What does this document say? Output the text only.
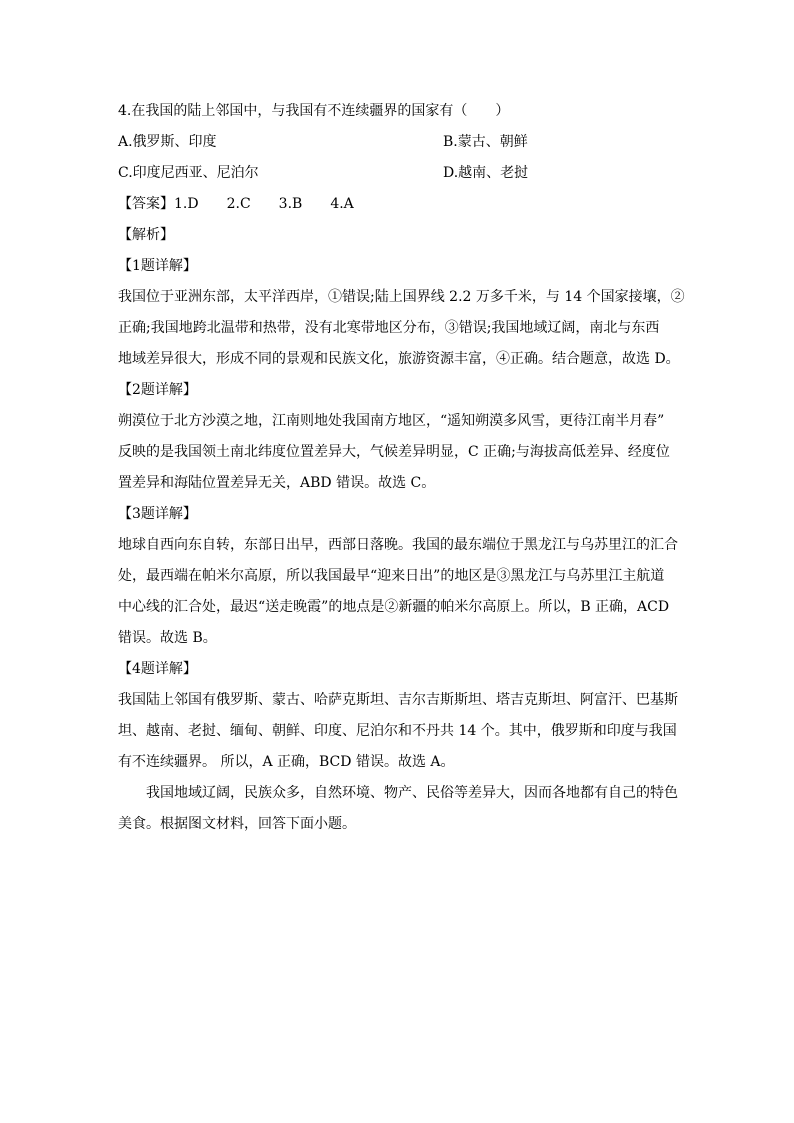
4.在我国的陆上邻国中，与我国有不连续疆界的国家有（　　）
A.俄罗斯、印度	B.蒙古、朝鲜
C.印度尼西亚、尼泊尔	D.越南、老挝
【答案】1.D 2.C 3.B 4.A
【解析】
【1题详解】
我国位于亚洲东部，太平洋西岸，①错误;陆上国界线 2.2 万多千米，与 14 个国家接壤，②
正确;我国地跨北温带和热带，没有北寒带地区分布，③错误;我国地域辽阔，南北与东西
地域差异很大，形成不同的景观和民族文化，旅游资源丰富，④正确。结合题意，故选 D。
【2题详解】
朔漠位于北方沙漠之地，江南则地处我国南方地区，“遥知朔漠多风雪，更待江南半月春”
反映的是我国领土南北纬度位置差异大，气候差异明显，C 正确;与海拔高低差异、经度位
置差异和海陆位置差异无关，ABD 错误。故选 C。
【3题详解】
地球自西向东自转，东部日出早，西部日落晚。我国的最东端位于黑龙江与乌苏里江的汇合
处，最西端在帕米尔高原，所以我国最早“迎来日出”的地区是③黑龙江与乌苏里江主航道
中心线的汇合处，最迟“送走晚霞”的地点是②新疆的帕米尔高原上。所以，B 正确，ACD
错误。故选 B。
【4题详解】
我国陆上邻国有俄罗斯、蒙古、哈萨克斯坦、吉尔吉斯斯坦、塔吉克斯坦、阿富汗、巴基斯
坦、越南、老挝、缅甸、朝鲜、印度、尼泊尔和不丹共 14 个。其中，俄罗斯和印度与我国
有不连续疆界。 所以，A 正确，BCD 错误。故选 A。
我国地域辽阔，民族众多，自然环境、物产、民俗等差异大，因而各地都有自己的特色
美食。根据图文材料，回答下面小题。
